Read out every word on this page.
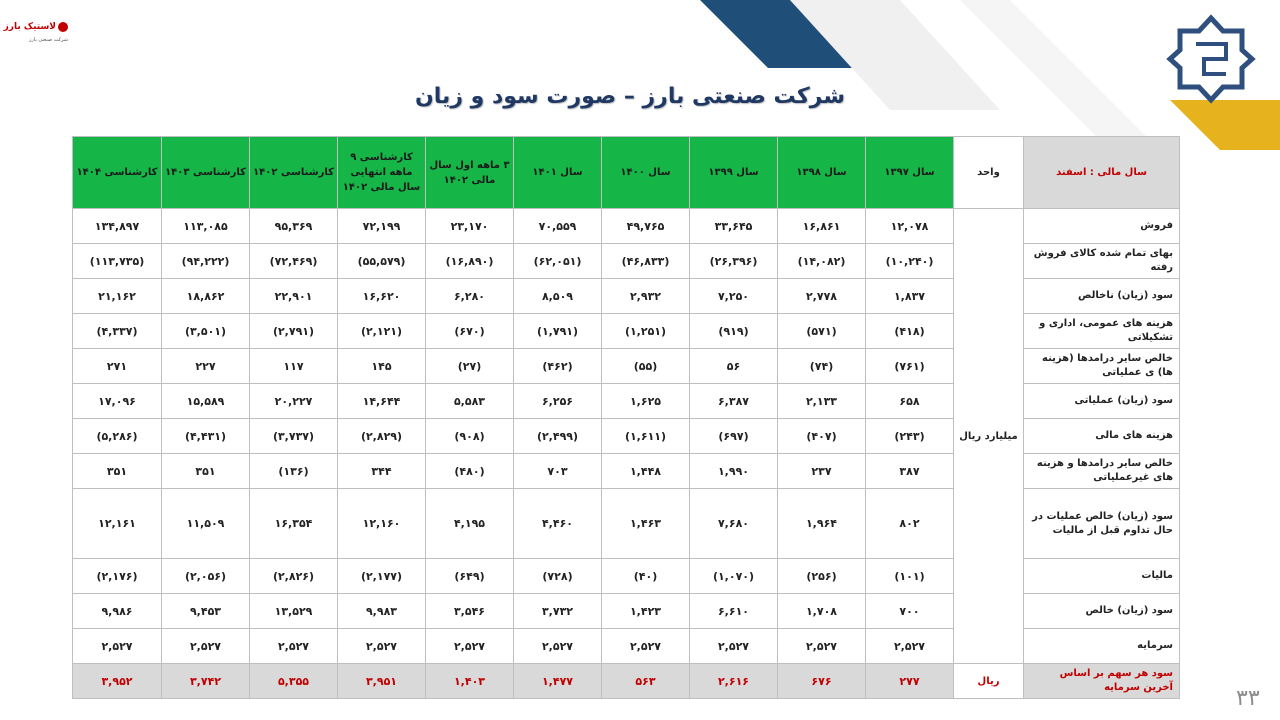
لاستیک بارز
شرکت صنعتی بارز
شرکت صنعتی بارز – صورت سود و زیان
سال مالی : اسفند	واحد	سال ۱۳۹۷	سال ۱۳۹۸	سال ۱۳۹۹	سال ۱۴۰۰	سال ۱۴۰۱	۳ ماهه اول سال مالی ۱۴۰۲	کارشناسی ۹ ماهه انتهایی سال مالی ۱۴۰۲	کارشناسی ۱۴۰۲	کارشناسی ۱۴۰۳	کارشناسی ۱۴۰۴
فروش	میلیارد ریال	۱۲,۰۷۸	۱۶,۸۶۱	۳۳,۶۴۵	۴۹,۷۶۵	۷۰,۵۵۹	۲۳,۱۷۰	۷۲,۱۹۹	۹۵,۳۶۹	۱۱۳,۰۸۵	۱۳۴,۸۹۷
بهای تمام شده کالای فروش رفته		(۱۰,۲۴۰)	(۱۴,۰۸۲)	(۲۶,۳۹۶)	(۴۶,۸۳۳)	(۶۲,۰۵۱)	(۱۶,۸۹۰)	(۵۵,۵۷۹)	(۷۲,۴۶۹)	(۹۴,۲۲۲)	(۱۱۳,۷۳۵)
سود (زیان) ناخالص		۱,۸۳۷	۲,۷۷۸	۷,۲۵۰	۲,۹۳۲	۸,۵۰۹	۶,۲۸۰	۱۶,۶۲۰	۲۲,۹۰۱	۱۸,۸۶۲	۲۱,۱۶۲
هزینه های عمومی، اداری و تشکیلاتی		(۴۱۸)	(۵۷۱)	(۹۱۹)	(۱,۲۵۱)	(۱,۷۹۱)	(۶۷۰)	(۲,۱۲۱)	(۲,۷۹۱)	(۳,۵۰۱)	(۴,۳۳۷)
خالص سایر درامدها (هزینه ها) ی عملیاتی		(۷۶۱)	(۷۴)	۵۶	(۵۵)	(۴۶۲)	(۲۷)	۱۴۵	۱۱۷	۲۲۷	۲۷۱
سود (زیان) عملیاتی		۶۵۸	۲,۱۳۳	۶,۳۸۷	۱,۶۲۵	۶,۲۵۶	۵,۵۸۳	۱۴,۶۴۴	۲۰,۲۲۷	۱۵,۵۸۹	۱۷,۰۹۶
هزینه های مالی		(۲۴۳)	(۴۰۷)	(۶۹۷)	(۱,۶۱۱)	(۲,۴۹۹)	(۹۰۸)	(۲,۸۲۹)	(۳,۷۳۷)	(۴,۴۳۱)	(۵,۲۸۶)
خالص سایر درامدها و هزینه های غیرعملیاتی		۳۸۷	۲۳۷	۱,۹۹۰	۱,۴۴۸	۷۰۳	(۴۸۰)	۳۴۴	(۱۳۶)	۳۵۱	۳۵۱
سود (زیان) خالص عملیات در حال تداوم قبل از مالیات		۸۰۲	۱,۹۶۴	۷,۶۸۰	۱,۴۶۳	۴,۴۶۰	۴,۱۹۵	۱۲,۱۶۰	۱۶,۳۵۴	۱۱,۵۰۹	۱۲,۱۶۱
مالیات		(۱۰۱)	(۲۵۶)	(۱,۰۷۰)	(۴۰)	(۷۲۸)	(۶۴۹)	(۲,۱۷۷)	(۲,۸۲۶)	(۲,۰۵۶)	(۲,۱۷۶)
سود (زیان) خالص		۷۰۰	۱,۷۰۸	۶,۶۱۰	۱,۴۲۳	۳,۷۳۲	۳,۵۴۶	۹,۹۸۳	۱۳,۵۲۹	۹,۴۵۳	۹,۹۸۶
سرمایه		۲,۵۲۷	۲,۵۲۷	۲,۵۲۷	۲,۵۲۷	۲,۵۲۷	۲,۵۲۷	۲,۵۲۷	۲,۵۲۷	۲,۵۲۷	۲,۵۲۷
سود هر سهم بر اساس آخرین سرمایه	ریال	۲۷۷	۶۷۶	۲,۶۱۶	۵۶۳	۱,۴۷۷	۱,۴۰۳	۳,۹۵۱	۵,۳۵۵	۳,۷۴۲	۳,۹۵۲
۳۳
